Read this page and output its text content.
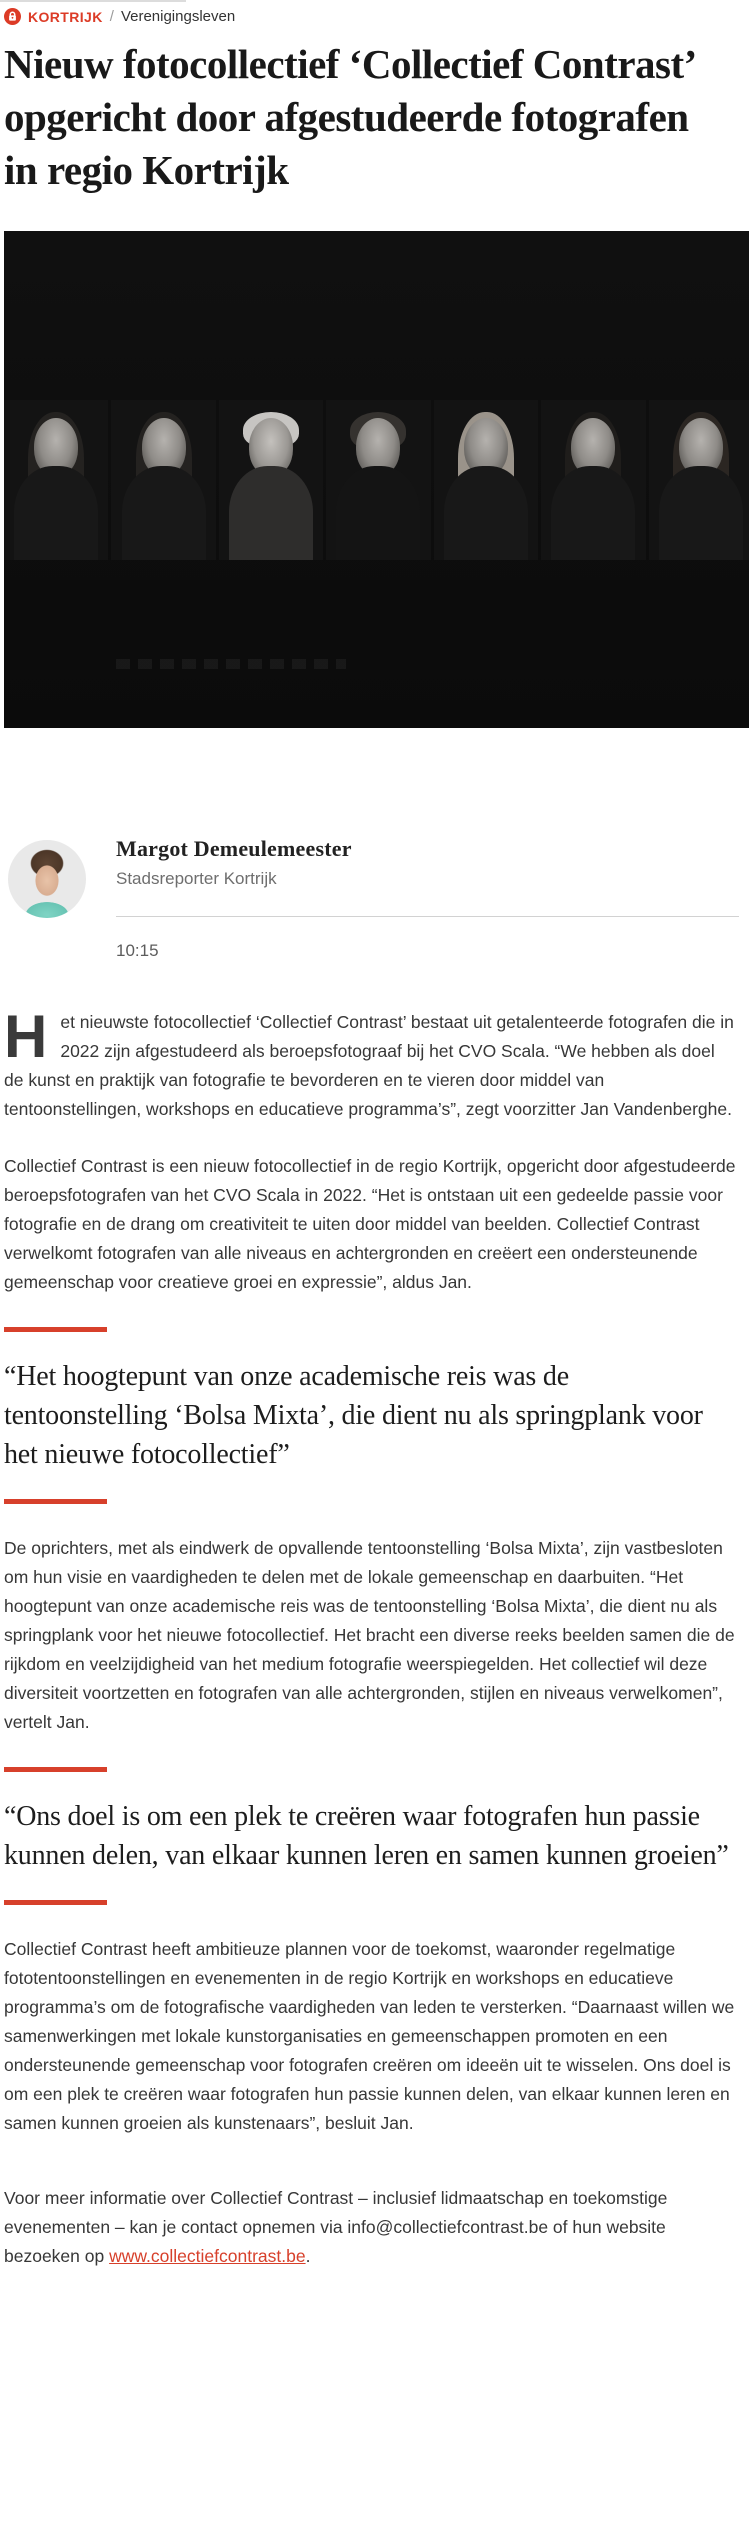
KORTRIJK / Verenigingsleven
Nieuw fotocollectief ‘Collectief Contrast’ opgericht door afgestudeerde fotografen in regio Kortrijk
Margot Demeulemeester
Stadsreporter Kortrijk
10:15

Het nieuwste fotocollectief ‘Collectief Contrast’ bestaat uit getalenteerde fotografen die in 2022 zijn afgestudeerd als beroepsfotograaf bij het CVO Scala. “We hebben als doel de kunst en praktijk van fotografie te bevorderen en te vieren door middel van tentoonstellingen, workshops en educatieve programma’s”, zegt voorzitter Jan Vandenberghe.

Collectief Contrast is een nieuw fotocollectief in de regio Kortrijk, opgericht door afgestudeerde beroepsfotografen van het CVO Scala in 2022. “Het is ontstaan uit een gedeelde passie voor fotografie en de drang om creativiteit te uiten door middel van beelden. Collectief Contrast verwelkomt fotografen van alle niveaus en achtergronden en creëert een ondersteunende gemeenschap voor creatieve groei en expressie”, aldus Jan.

“Het hoogtepunt van onze academische reis was de tentoonstelling ‘Bolsa Mixta’, die dient nu als springplank voor het nieuwe fotocollectief”

De oprichters, met als eindwerk de opvallende tentoonstelling ‘Bolsa Mixta’, zijn vastbesloten om hun visie en vaardigheden te delen met de lokale gemeenschap en daarbuiten. “Het hoogtepunt van onze academische reis was de tentoonstelling ‘Bolsa Mixta’, die dient nu als springplank voor het nieuwe fotocollectief. Het bracht een diverse reeks beelden samen die de rijkdom en veelzijdigheid van het medium fotografie weerspiegelden. Het collectief wil deze diversiteit voortzetten en fotografen van alle achtergronden, stijlen en niveaus verwelkomen”, vertelt Jan.

“Ons doel is om een plek te creëren waar fotografen hun passie kunnen delen, van elkaar kunnen leren en samen kunnen groeien”

Collectief Contrast heeft ambitieuze plannen voor de toekomst, waaronder regelmatige fototentoonstellingen en evenementen in de regio Kortrijk en workshops en educatieve programma’s om de fotografische vaardigheden van leden te versterken. “Daarnaast willen we samenwerkingen met lokale kunstorganisaties en gemeenschappen promoten en een ondersteunende gemeenschap voor fotografen creëren om ideeën uit te wisselen. Ons doel is om een plek te creëren waar fotografen hun passie kunnen delen, van elkaar kunnen leren en samen kunnen groeien als kunstenaars”, besluit Jan.

Voor meer informatie over Collectief Contrast – inclusief lidmaatschap en toekomstige evenementen – kan je contact opnemen via info@collectiefcontrast.be of hun website bezoeken op www.collectiefcontrast.be.
